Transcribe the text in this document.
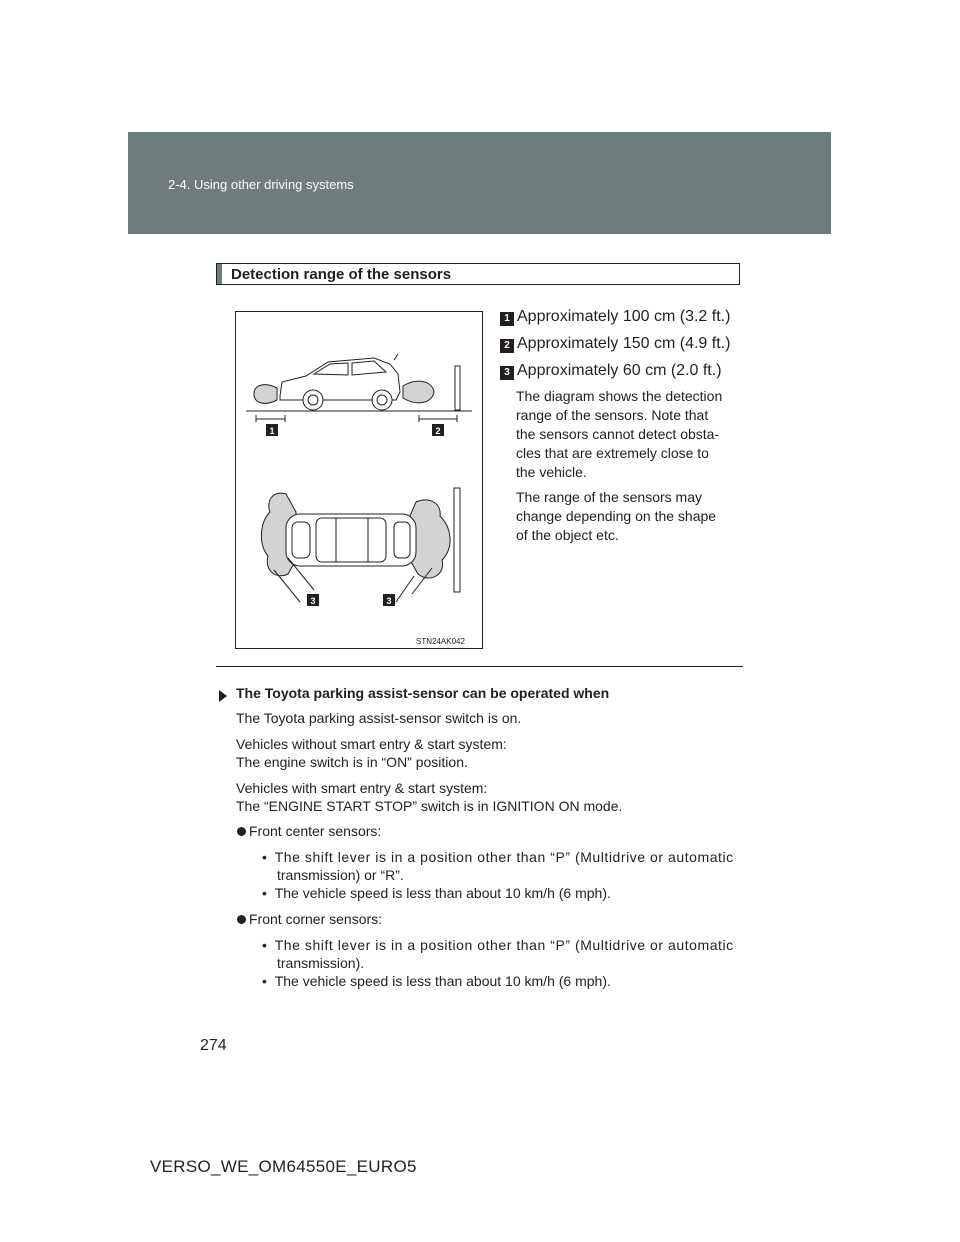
2-4. Using other driving systems
Detection range of the sensors
1	2
3	3
STN24AK042
1 Approximately 100 cm (3.2 ft.)
2 Approximately 150 cm (4.9 ft.)
3 Approximately 60 cm (2.0 ft.)
The diagram shows the detection
range of the sensors. Note that
the sensors cannot detect obsta-
cles that are extremely close to
the vehicle.
The range of the sensors may
change depending on the shape
of the object etc.
The Toyota parking assist-sensor can be operated when
The Toyota parking assist-sensor switch is on.
Vehicles without smart entry & start system:
The engine switch is in “ON” position.
Vehicles with smart entry & start system:
The “ENGINE START STOP” switch is in IGNITION ON mode.
Front center sensors:
•  The shift lever is in a position other than “P” (Multidrive or automatic
transmission) or “R”.
•  The vehicle speed is less than about 10 km/h (6 mph).
Front corner sensors:
•  The shift lever is in a position other than “P” (Multidrive or automatic
transmission).
•  The vehicle speed is less than about 10 km/h (6 mph).
274
VERSO_WE_OM64550E_EURO5
